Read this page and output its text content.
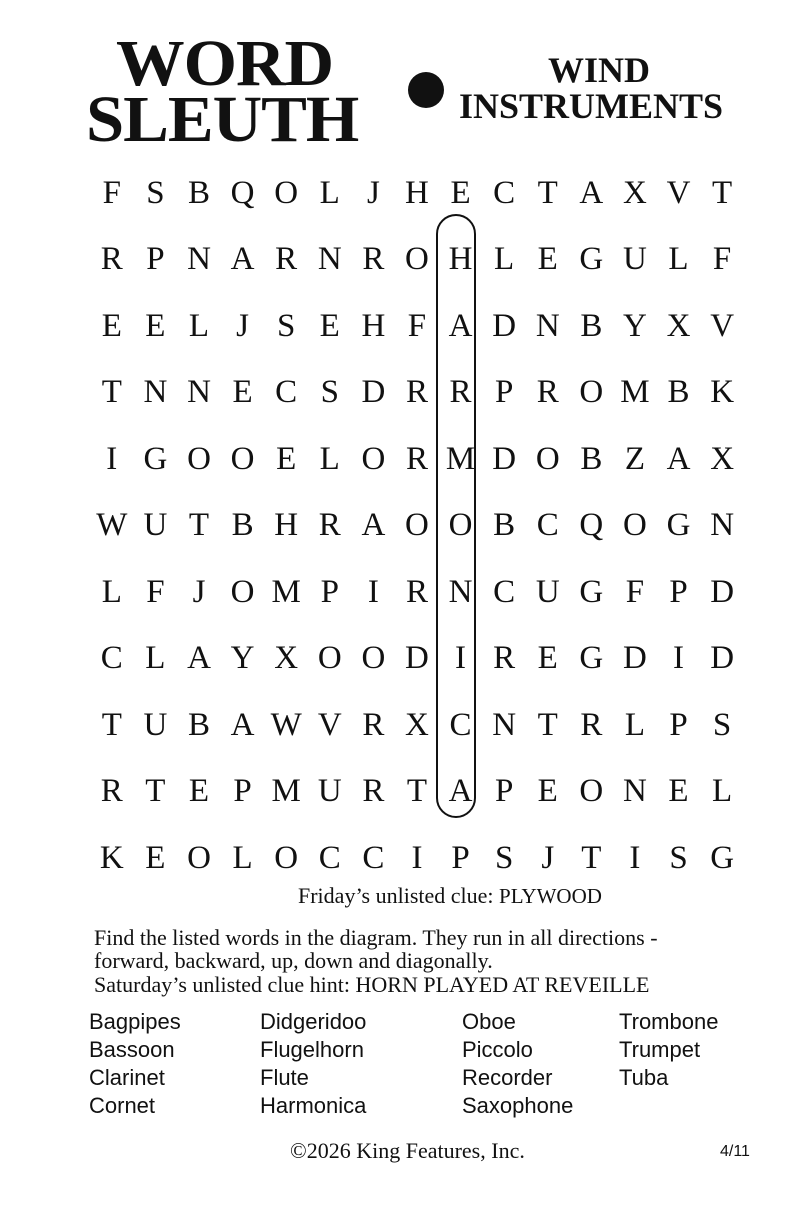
WORD
SLEUTH
WIND
INSTRUMENTS
F S B Q O L J H E C T A X V T
R P N A R N R O H L E G U L F
E E L J S E H F A D N B Y X V
T N N E C S D R R P R O M B K
I G O O E L O R M D O B Z A X
W U T B H R A O O B C Q O G N
L F J O M P I R N C U G F P D
C L A Y X O O D I R E G D I D
T U B A W V R X C N T R L P S
R T E P M U R T A P E O N E L
K E O L O C C I P S J T I S G
Friday’s unlisted clue: PLYWOOD
Find the listed words in the diagram. They run in all directions -
forward, backward, up, down and diagonally.
Saturday’s unlisted clue hint: HORN PLAYED AT REVEILLE
Bagpipes
Bassoon
Clarinet
Cornet
Didgeridoo
Flugelhorn
Flute
Harmonica
Oboe
Piccolo
Recorder
Saxophone
Trombone
Trumpet
Tuba
©2026 King Features, Inc.	4/11
